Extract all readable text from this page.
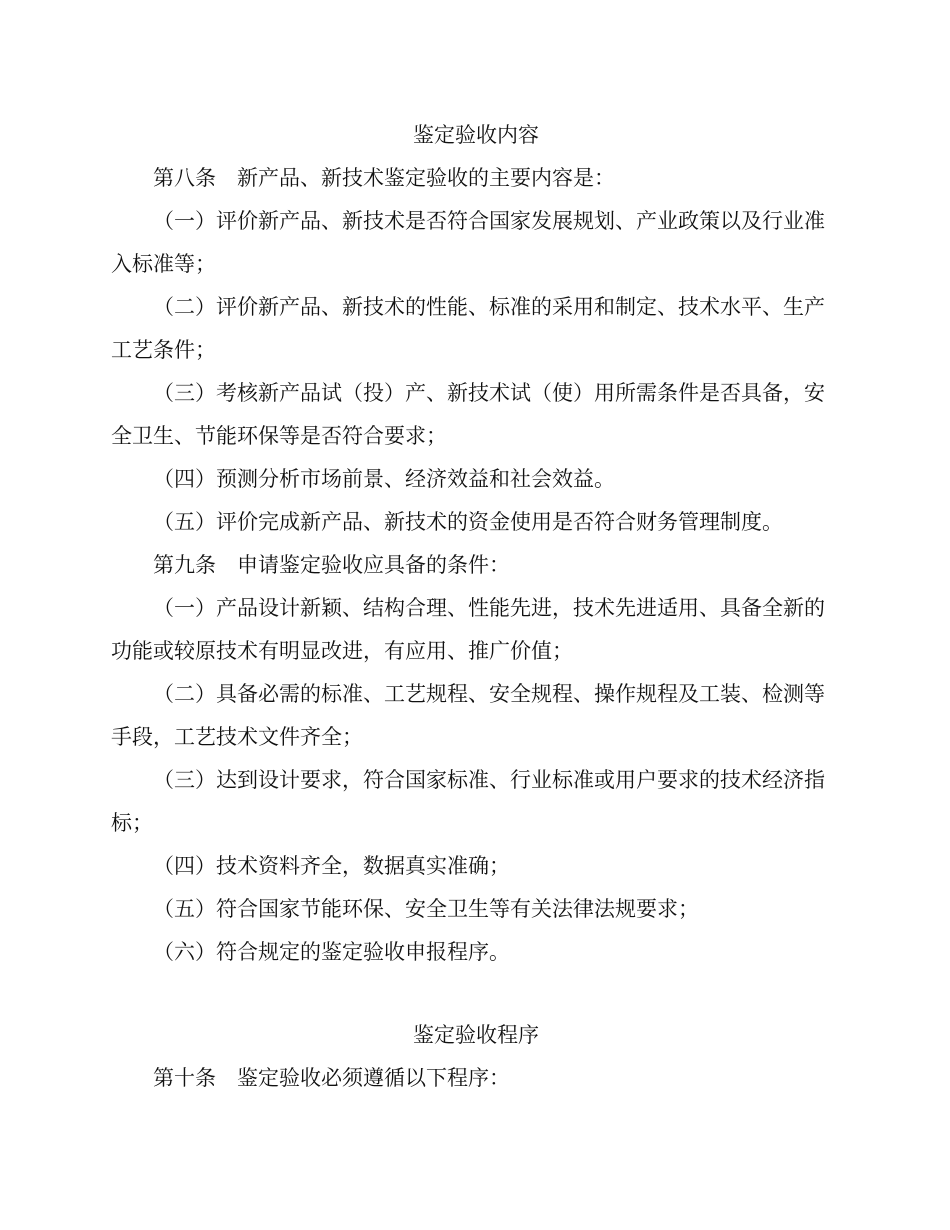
鉴定验收内容

第八条　新产品、新技术鉴定验收的主要内容是：

（一）评价新产品、新技术是否符合国家发展规划、产业政策以及行业准入标准等；

（二）评价新产品、新技术的性能、标准的采用和制定、技术水平、生产工艺条件；

（三）考核新产品试（投）产、新技术试（使）用所需条件是否具备，安全卫生、节能环保等是否符合要求；

（四）预测分析市场前景、经济效益和社会效益。

（五）评价完成新产品、新技术的资金使用是否符合财务管理制度。

第九条　申请鉴定验收应具备的条件：

（一）产品设计新颖、结构合理、性能先进，技术先进适用、具备全新的功能或较原技术有明显改进，有应用、推广价值；

（二）具备必需的标准、工艺规程、安全规程、操作规程及工装、检测等手段，工艺技术文件齐全；

（三）达到设计要求，符合国家标准、行业标准或用户要求的技术经济指标；

（四）技术资料齐全，数据真实准确；

（五）符合国家节能环保、安全卫生等有关法律法规要求；

（六）符合规定的鉴定验收申报程序。

鉴定验收程序

第十条　鉴定验收必须遵循以下程序：
